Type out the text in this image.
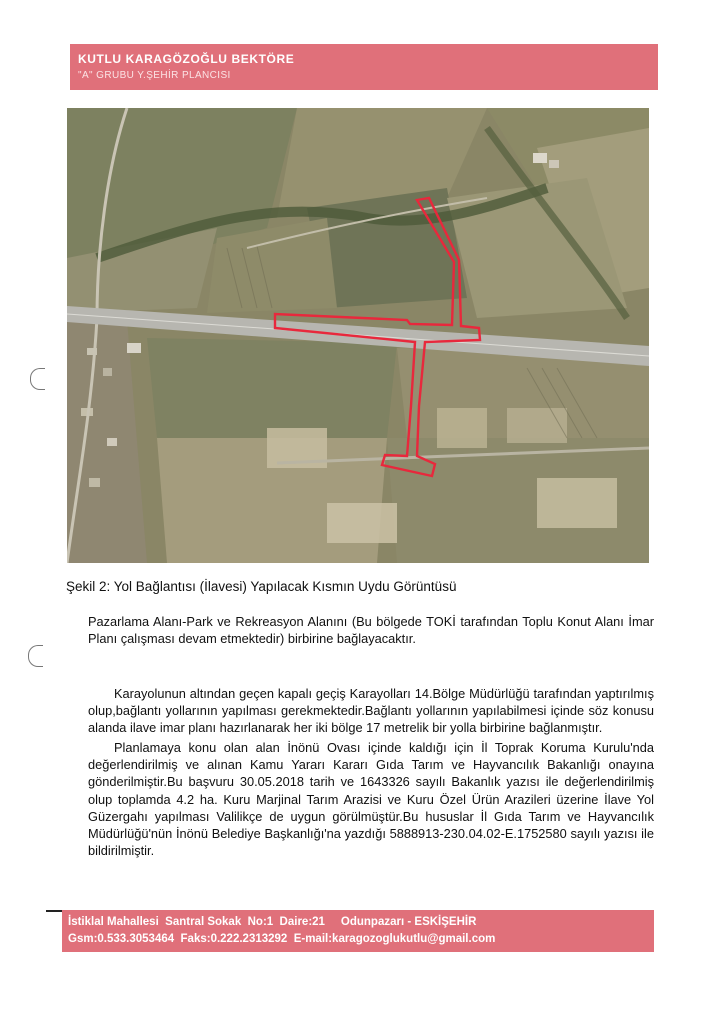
KUTLU KARAGÖZOĞLU BEKTÖRE
"A" GRUBU Y.ŞEHİR PLANCISI
Şekil 2: Yol Bağlantısı (İlavesi) Yapılacak Kısmın Uydu Görüntüsü
Pazarlama Alanı-Park ve Rekreasyon Alanını (Bu bölgede TOKİ tarafından Toplu Konut Alanı İmar Planı çalışması devam etmektedir) birbirine bağlayacaktır.
Karayolunun altından geçen kapalı geçiş Karayolları 14.Bölge Müdürlüğü tarafından yaptırılmış olup,bağlantı yollarının yapılması gerekmektedir.Bağlantı yollarının yapılabilmesi içinde söz konusu alanda ilave imar planı hazırlanarak her iki bölge 17 metrelik bir yolla birbirine bağlanmıştır.
Planlamaya konu olan alan İnönü Ovası içinde kaldığı için İl Toprak Koruma Kurulu'nda değerlendirilmiş ve alınan Kamu Yararı Kararı Gıda Tarım ve Hayvancılık Bakanlığı onayına gönderilmiştir.Bu başvuru 30.05.2018 tarih ve 1643326 sayılı Bakanlık yazısı ile değerlendirilmiş olup toplamda 4.2 ha. Kuru Marjinal Tarım Arazisi ve Kuru Özel Ürün Arazileri üzerine İlave Yol Güzergahı yapılması Valilikçe de uygun görülmüştür.Bu hususlar İl Gıda Tarım ve Hayvancılık Müdürlüğü'nün İnönü Belediye Başkanlığı'na yazdığı 5888913-230.04.02-E.1752580 sayılı yazısı ile bildirilmiştir.
İstiklal Mahallesi  Santral Sokak  No:1  Daire:21     Odunpazarı - ESKİŞEHİR
Gsm:0.533.3053464  Faks:0.222.2313292  E-mail:karagozoglukutlu@gmail.com
